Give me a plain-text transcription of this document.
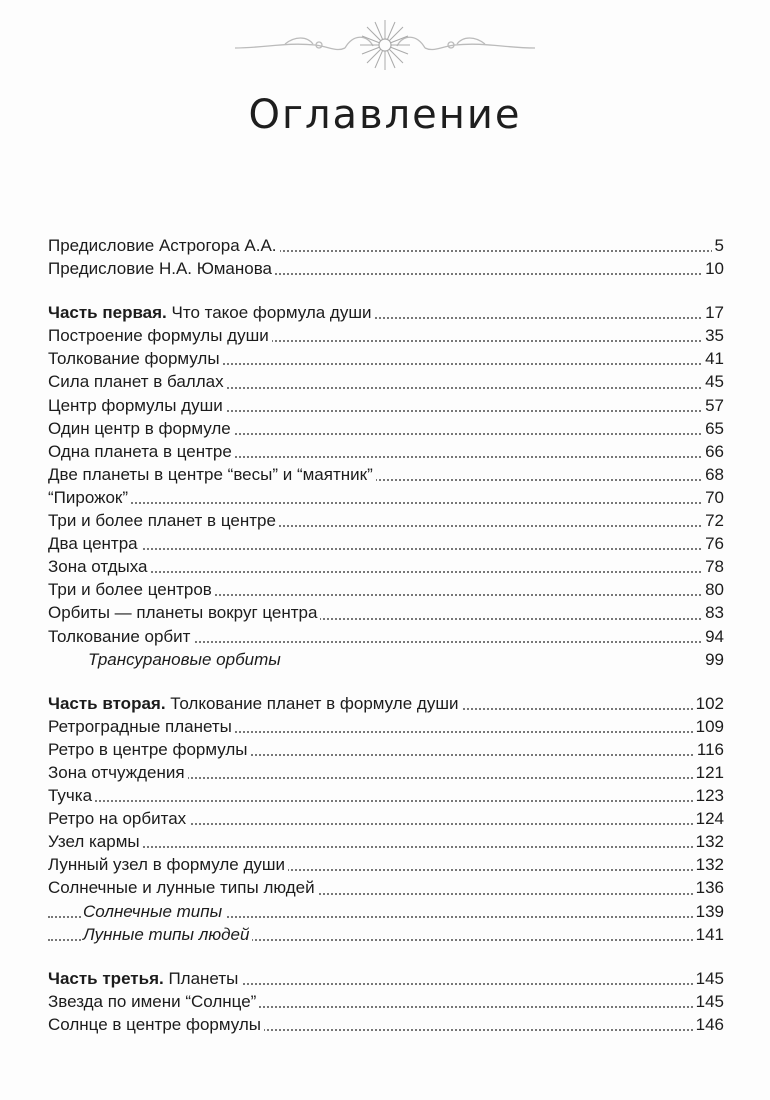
Оглавление
Предисловие Астрогора А.А.	5
Предисловие Н.А. Юманова	10
Часть первая. Что такое формула души	17
Построение формулы души	35
Толкование формулы	41
Сила планет в баллах	45
Центр формулы души	57
Один центр в формуле	65
Одна планета в центре	66
Две планеты в центре “весы” и “маятник”	68
“Пирожок”	70
Три и более планет в центре	72
Два центра	76
Зона отдыха	78
Три и более центров	80
Орбиты — планеты вокруг центра	83
Толкование орбит	94
Трансурановые орбиты	99
Часть вторая. Толкование планет в формуле души	102
Ретроградные планеты	109
Ретро в центре формулы	116
Зона отчуждения	121
Тучка	123
Ретро на орбитах	124
Узел кармы	132
Лунный узел в формуле души	132
Солнечные и лунные типы людей	136
Солнечные типы	139
Лунные типы людей	141
Часть третья. Планеты	145
Звезда по имени “Солнце”	145
Солнце в центре формулы	146
